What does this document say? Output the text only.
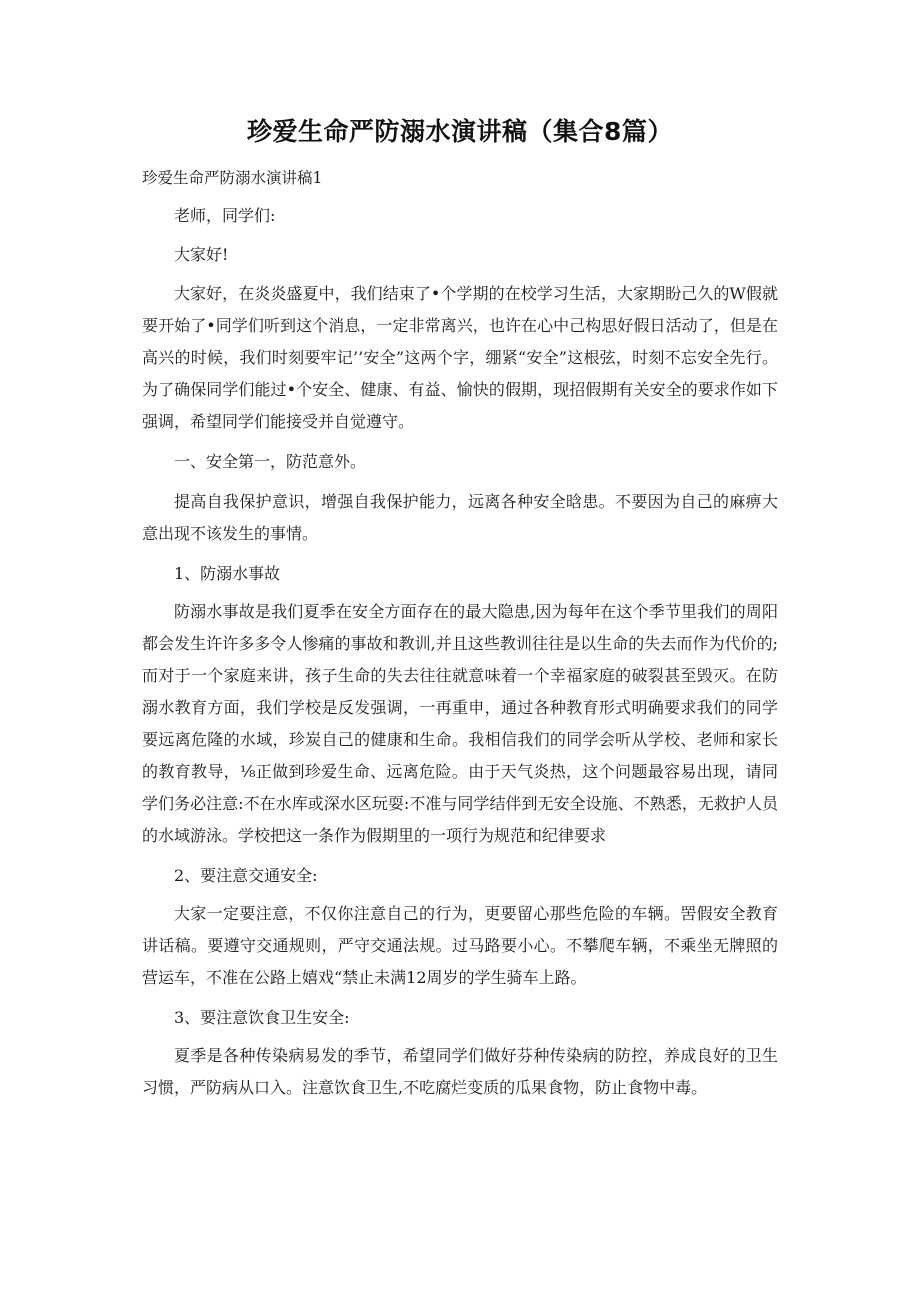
珍爱生命严防溺水演讲稿（集合8篇）
珍爱生命严防溺水演讲稿1

老师，同学们:

大家好!

大家好，在炎炎盛夏中，我们结束了•个学期的在校学习生活，大家期盼己久的W假就要开始了•同学们听到这个消息，一定非常离兴，也许在心中己构思好假日活动了，但是在高兴的时候，我们时刻要牢记’’安全”这两个字，绷紧“安全”这根弦，时刻不忘安全先行。为了确保同学们能过•个安全、健康、有益、愉快的假期，现招假期有关安全的要求作如下强调，希望同学们能接受并自觉遵守。

一、安全第一，防范意外。

提高自我保护意识，增强自我保护能力，远离各种安全晗患。不要因为自己的麻痹大意出现不该发生的事情。

1、防溺水事故

防溺水事故是我们夏季在安全方面存在的最大隐患,因为每年在这个季节里我们的周阳都会发生许许多多令人惨痛的事故和教训,并且这些教训往往是以生命的失去而作为代价的;而对于一个家庭来讲，孩子生命的失去往往就意味着一个幸福家庭的破裂甚至毁灭。在防溺水教育方面，我们学校是反发强调，一再重申，通过各种教育形式明确要求我们的同学要远离危隆的水域，珍炭自己的健康和生命。我相信我们的同学会听从学校、老师和家长的教育教导，⅛正做到珍爱生命、远离危险。由于天气炎热，这个问题最容易出现，请同学们务必注意:不在水库或深水区玩耍:不准与同学结伴到无安全设施、不熟悉，无救护人员的水域游泳。学校把这一条作为假期里的一项行为规范和纪律要求

2、要注意交通安全:

大家一定要注意，不仅你注意自己的行为，更要留心那些危险的车辆。罟假安全教育讲话稿。要遵守交通规则，严守交通法规。过马路要小心。不攀爬车辆，不乘坐无牌照的营运车，不准在公路上嬉戏“禁止未满12周岁的学生骑车上路。

3、要注意饮食卫生安全:

夏季是各种传染病易发的季节，希望同学们做好芬种传染病的防控，养成良好的卫生习惯，严防病从口入。注意饮食卫生,不吃腐烂变质的瓜果食物，防止食物中毒。
